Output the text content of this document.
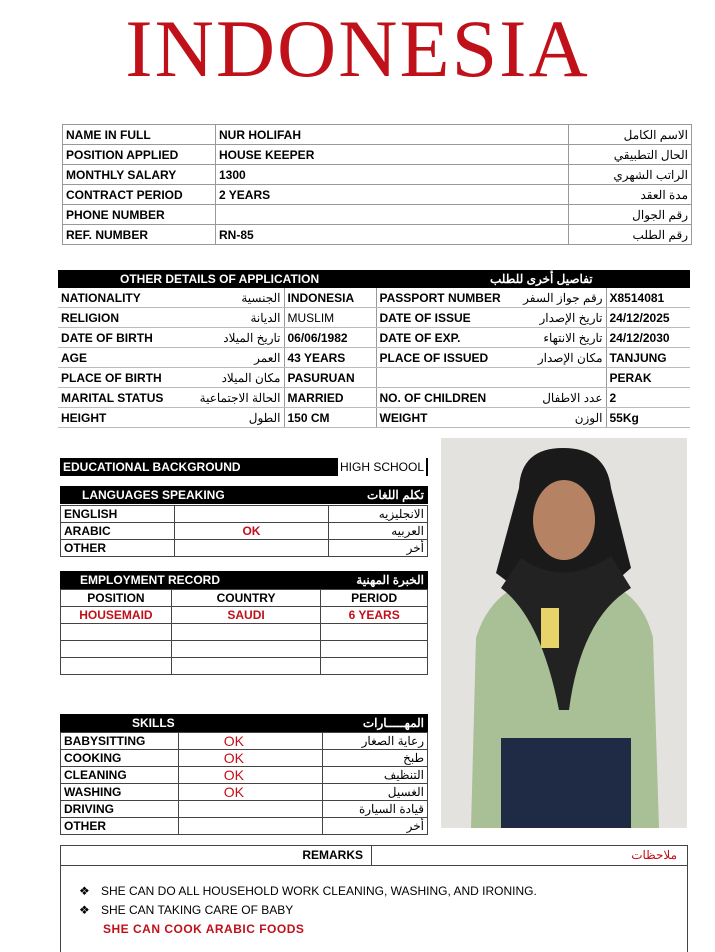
INDONESIA
NAME IN FULL	NUR HOLIFAH	الاسم الكامل
POSITION APPLIED	HOUSE KEEPER	الحال التطبيقي
MONTHLY SALARY	1300	الراتب الشهري
CONTRACT PERIOD	2 YEARS	مدة العقد
PHONE NUMBER		رقم الجوال
REF. NUMBER	RN-85	رقم الطلب
OTHER DETAILS OF APPLICATION	تفاصيل أخرى للطلب
NATIONALITY	الجنسية	INDONESIA	PASSPORT NUMBER	رقم جواز السفر	X8514081
RELIGION	الديانة	MUSLIM	DATE OF ISSUE	تاريخ الإصدار	24/12/2025
DATE OF BIRTH	تاريخ الميلاد	06/06/1982	DATE OF EXP.	تاريخ الانتهاء	24/12/2030
AGE	العمر	43 YEARS	PLACE OF ISSUED	مكان الإصدار	TANJUNG
PLACE OF BIRTH	مكان الميلاد	PASURUAN			PERAK
MARITAL STATUS	الحالة الاجتماعية	MARRIED	NO. OF CHILDREN	عدد الاطفال	2
HEIGHT	الطول	150 CM	WEIGHT	الوزن	55Kg
EDUCATIONAL BACKGROUND	HIGH SCHOOL
LANGUAGES SPEAKING	تكلم اللغات
ENGLISH		الانجليزيه
ARABIC	OK	العربيه
OTHER		أخر
EMPLOYMENT RECORD	الخبرة المهنية
POSITION	COUNTRY	PERIOD
HOUSEMAID	SAUDI	6 YEARS

SKILLS	المهـــــارات
BABYSITTING	OK	رعاية الصغار
COOKING	OK	طبخ
CLEANING	OK	التنظيف
WASHING	OK	الغسيل
DRIVING		قيادة السيارة
OTHER		أخر
REMARKS	ملاحظات
❖ SHE CAN DO ALL HOUSEHOLD WORK CLEANING, WASHING, AND IRONING.
❖ SHE CAN TAKING CARE OF BABY
SHE CAN COOK ARABIC FOODS
